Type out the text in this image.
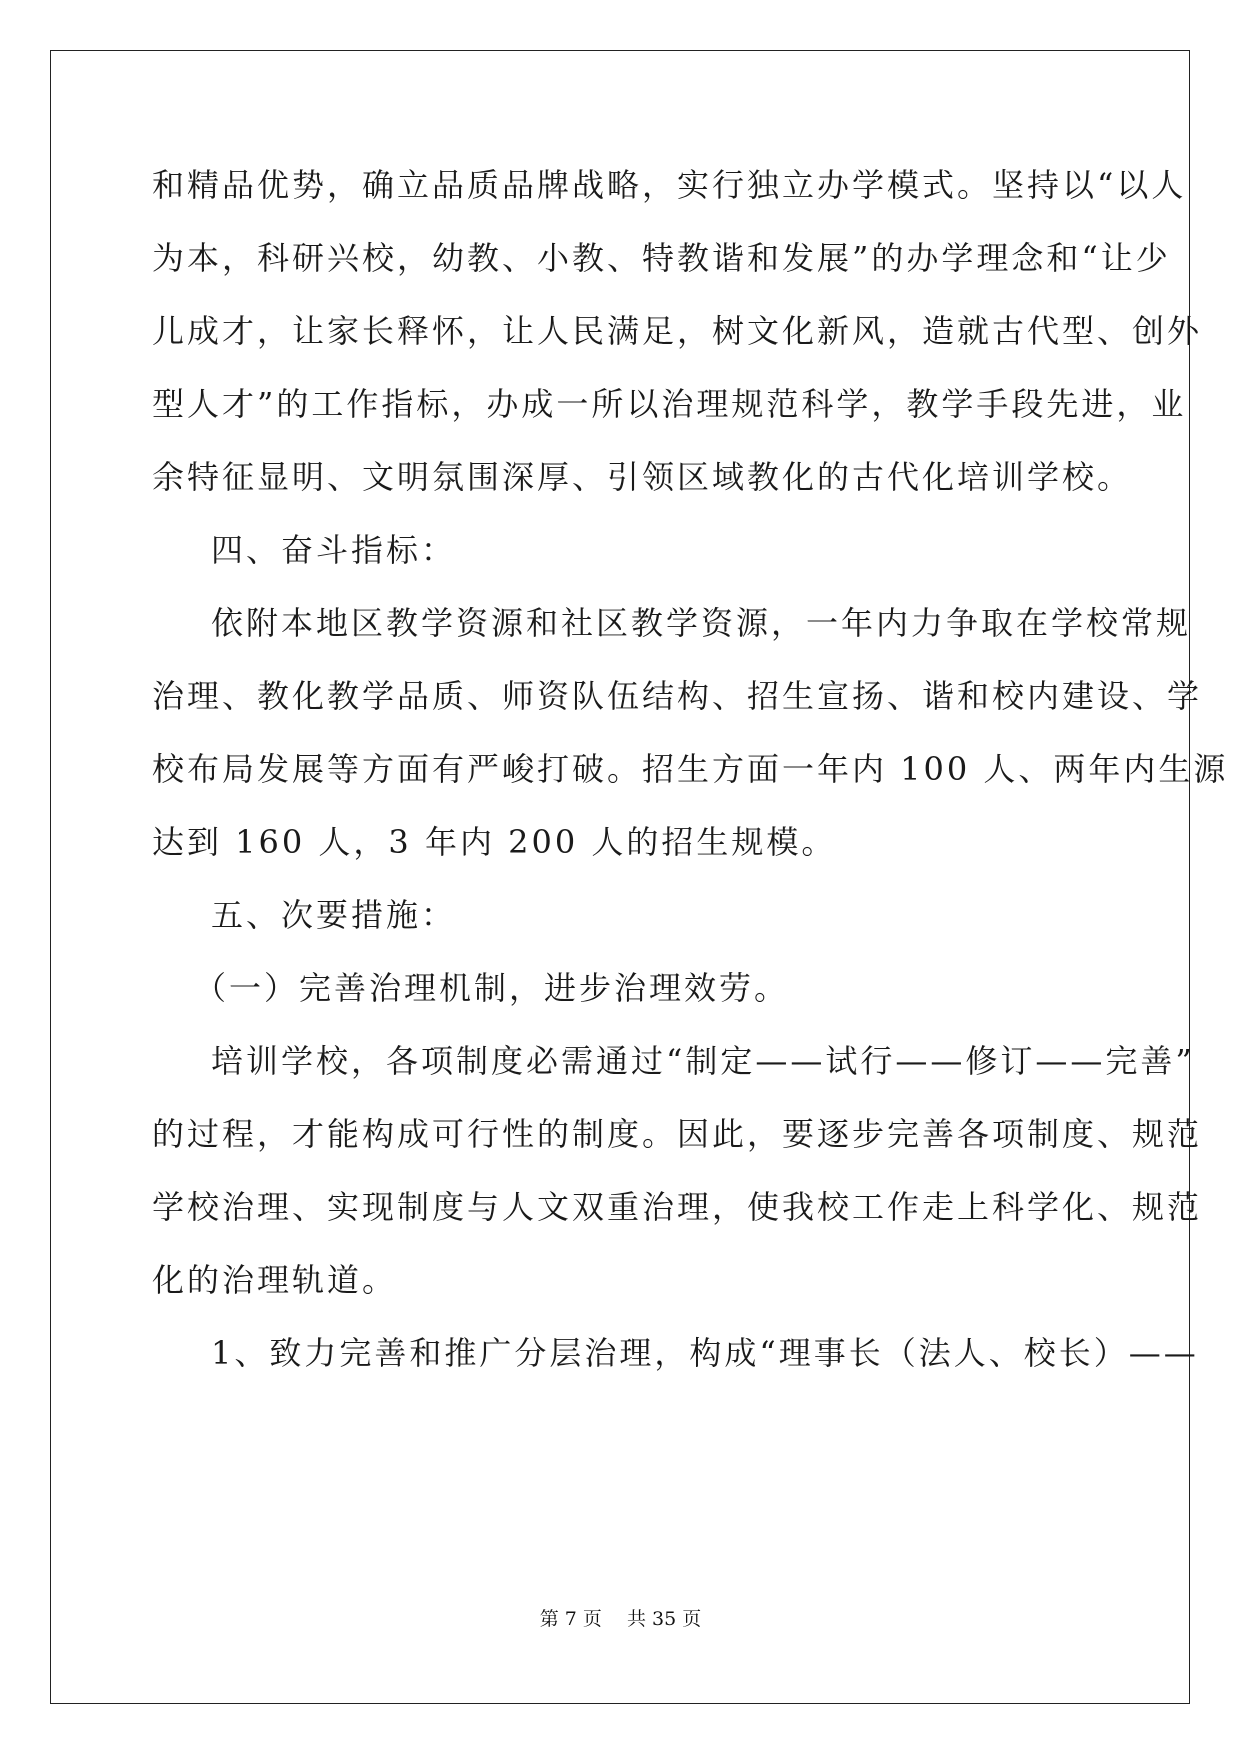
和精品优势，确立品质品牌战略，实行独立办学模式。坚持以“以人
为本，科研兴校，幼教、小教、特教谐和发展”的办学理念和“让少
儿成才，让家长释怀，让人民满足，树文化新风，造就古代型、创外
型人才”的工作指标，办成一所以治理规范科学，教学手段先进，业
余特征显明、文明氛围深厚、引领区域教化的古代化培训学校。
　四、奋斗指标：
　依附本地区教学资源和社区教学资源，一年内力争取在学校常规
治理、教化教学品质、师资队伍结构、招生宣扬、谐和校内建设、学
校布局发展等方面有严峻打破。招生方面一年内 100 人、两年内生源
达到 160 人，3 年内 200 人的招生规模。
　五、次要措施：
（一）完善治理机制，进步治理效劳。
　培训学校，各项制度必需通过“制定——试行——修订——完善”
的过程，才能构成可行性的制度。因此，要逐步完善各项制度、规范
学校治理、实现制度与人文双重治理，使我校工作走上科学化、规范
化的治理轨道。
　1、致力完善和推广分层治理，构成“理事长（法人、校长）——
第 7 页　 共 35 页
